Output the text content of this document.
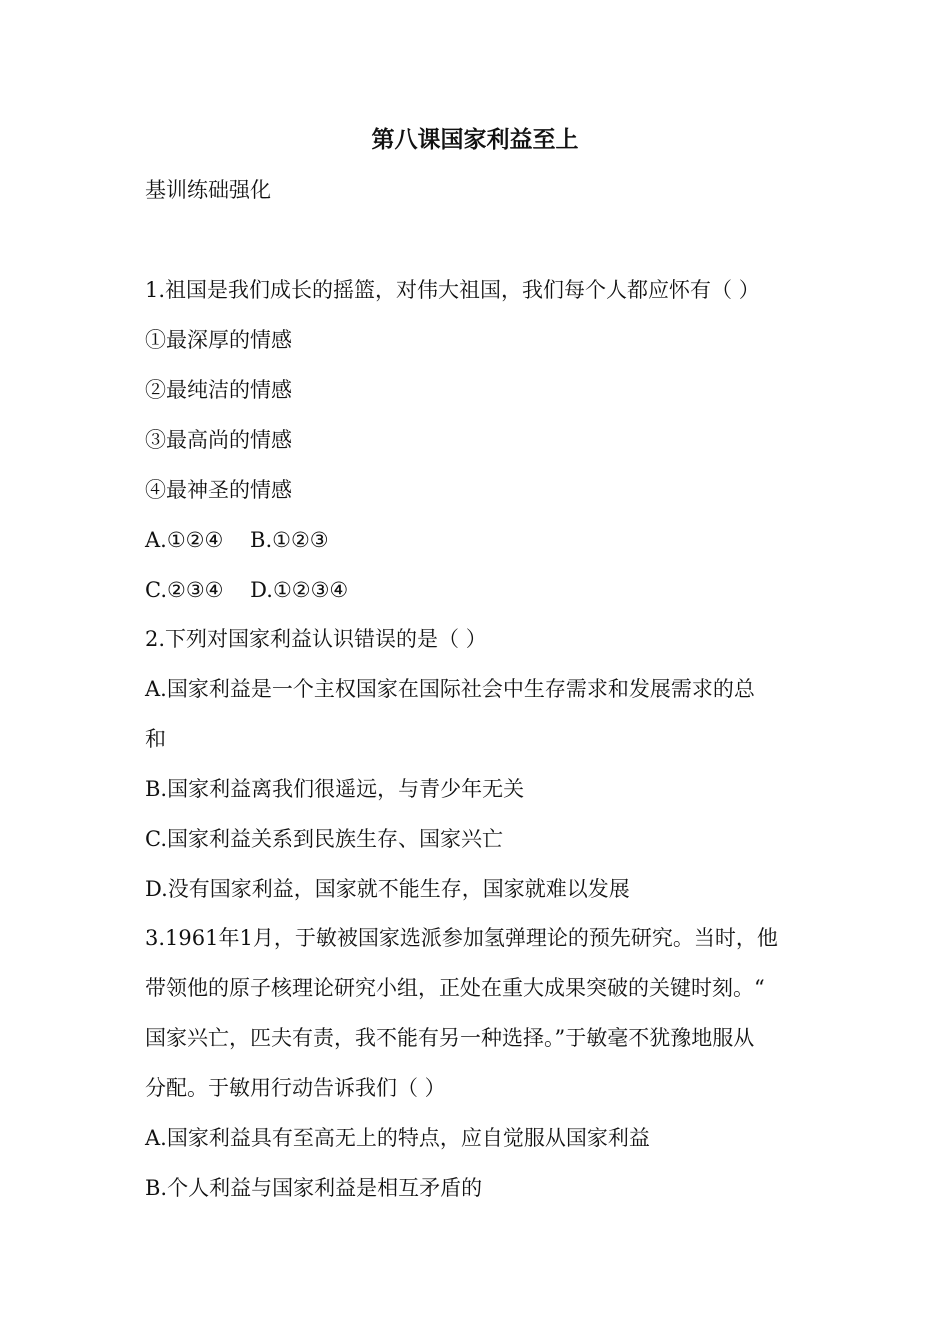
第八课国家利益至上
基训练础强化
1.祖国是我们成长的摇篮，对伟大祖国，我们每个人都应怀有（ ）
①最深厚的情感
②最纯洁的情感
③最高尚的情感
④最神圣的情感
A.①②④    B.①②③
C.②③④    D.①②③④
2.下列对国家利益认识错误的是（ ）
A.国家利益是一个主权国家在国际社会中生存需求和发展需求的总
和
B.国家利益离我们很遥远，与青少年无关
C.国家利益关系到民族生存、国家兴亡
D.没有国家利益，国家就不能生存，国家就难以发展
3.1961年1月，于敏被国家选派参加氢弹理论的预先研究。当时，他
带领他的原子核理论研究小组，正处在重大成果突破的关键时刻。“
国家兴亡，匹夫有责，我不能有另一种选择。”于敏毫不犹豫地服从
分配。于敏用行动告诉我们（ ）
A.国家利益具有至高无上的特点，应自觉服从国家利益
B.个人利益与国家利益是相互矛盾的
